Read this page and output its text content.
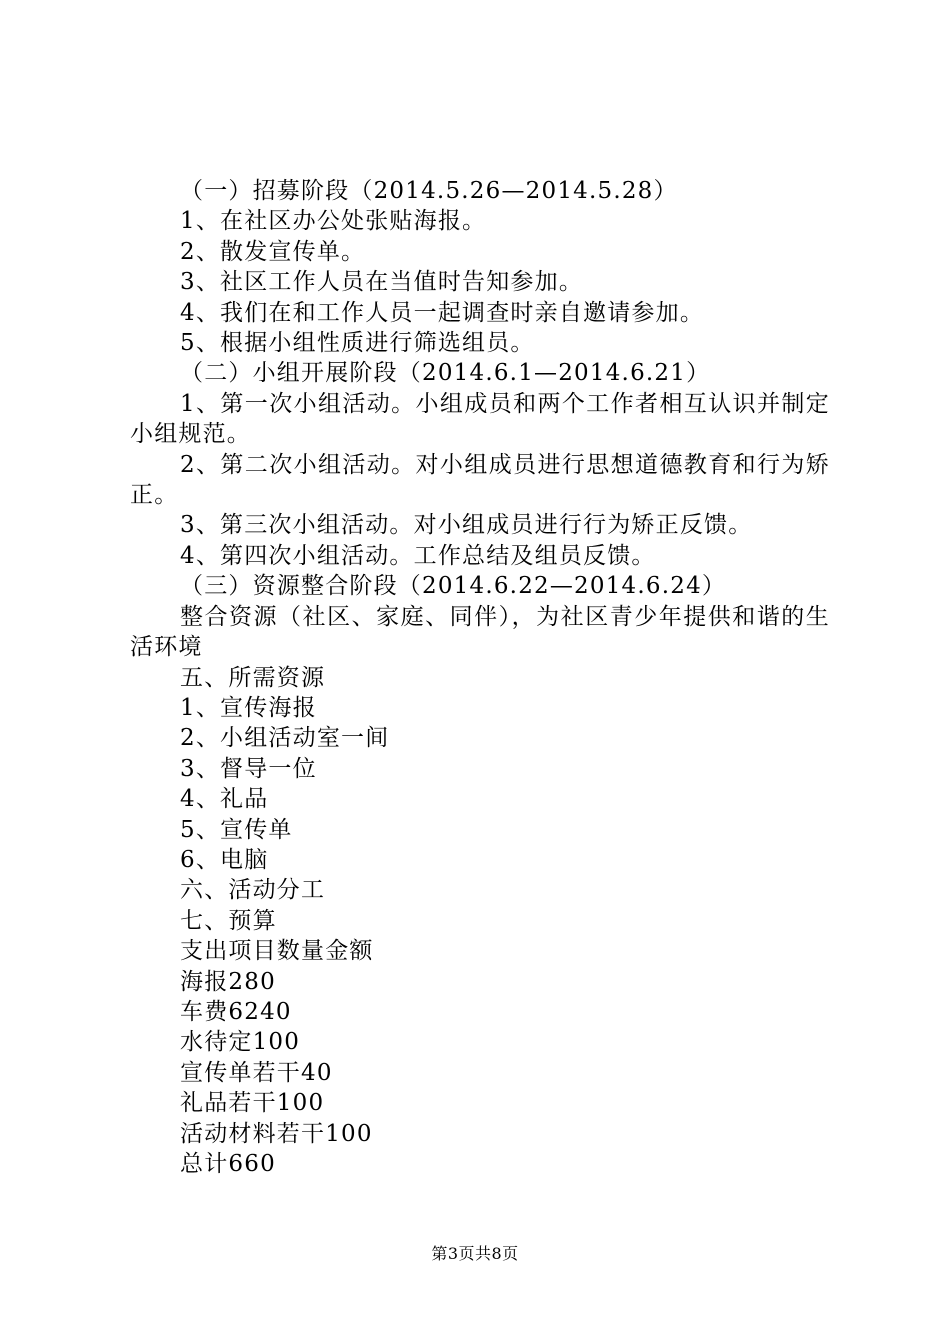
（一）招募阶段（2014.5.26—2014.5.28）

1、在社区办公处张贴海报。

2、散发宣传单。

3、社区工作人员在当值时告知参加。

4、我们在和工作人员一起调查时亲自邀请参加。

5、根据小组性质进行筛选组员。

（二）小组开展阶段（2014.6.1—2014.6.21）

1、第一次小组活动。小组成员和两个工作者相互认识并制定小组规范。

2、第二次小组活动。对小组成员进行思想道德教育和行为矫正。

3、第三次小组活动。对小组成员进行行为矫正反馈。

4、第四次小组活动。工作总结及组员反馈。

（三）资源整合阶段（2014.6.22—2014.6.24）

整合资源（社区、家庭、同伴），为社区青少年提供和谐的生活环境

五、所需资源

1、宣传海报

2、小组活动室一间

3、督导一位

4、礼品

5、宣传单

6、电脑

六、活动分工

七、预算

支出项目数量金额

海报280

车费6240

水待定100

宣传单若干40

礼品若干100

活动材料若干100

总计660

第3页共8页
